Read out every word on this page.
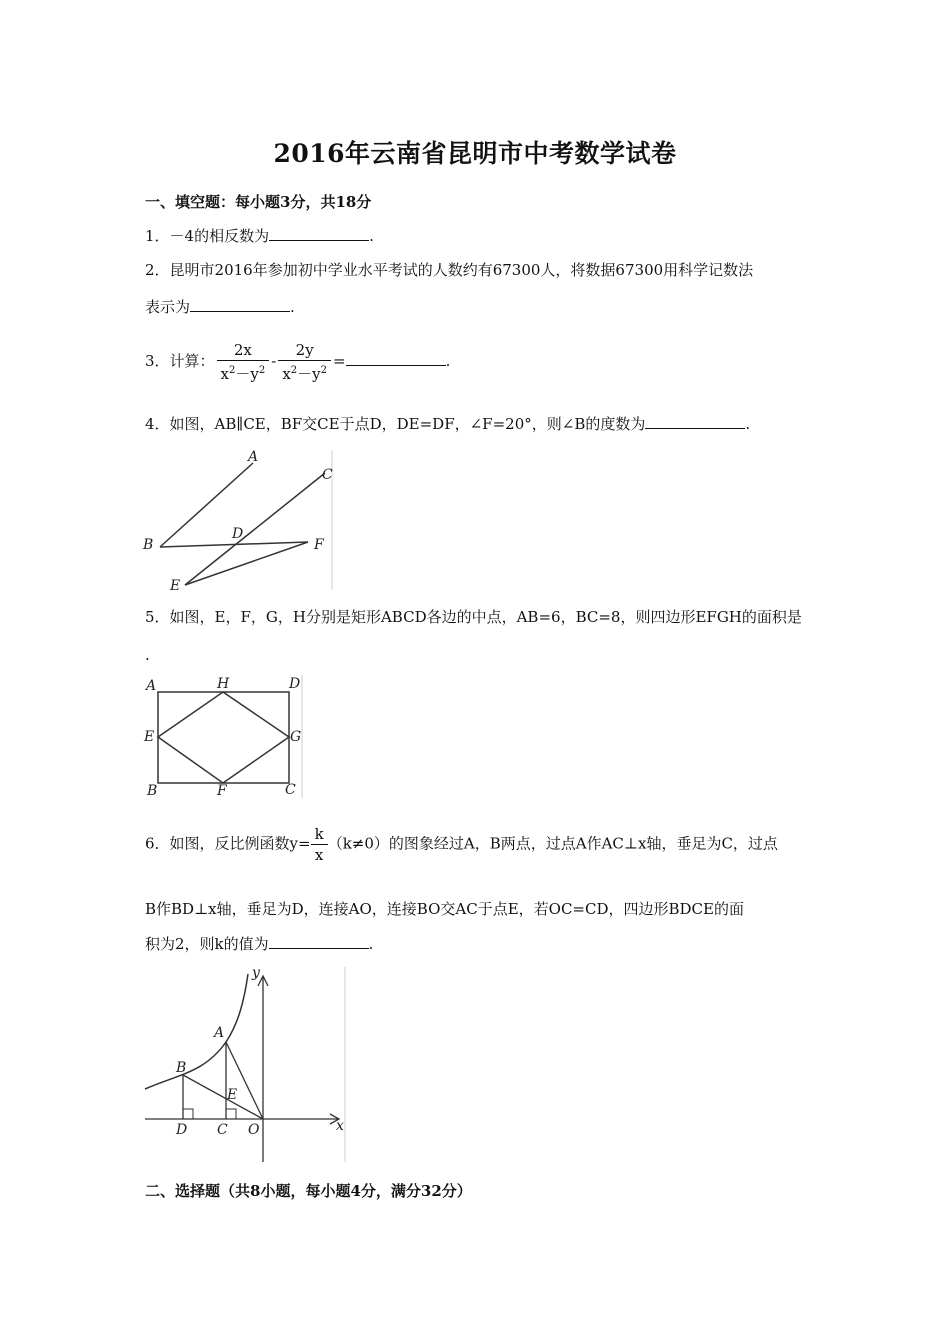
2016年云南省昆明市中考数学试卷
一、填空题：每小题3分，共18分
1．－4的相反数为	.
2．昆明市2016年参加初中学业水平考试的人数约有67300人，将数据67300用科学记数法
表示为	.
3．计算： $\frac{2x}{x^2-y^2} - \frac{2y}{x^2-y^2}$ =	.
4．如图，AB∥CE，BF交CE于点D，DE=DF，∠F=20°，则∠B的度数为	.
A
B
C
D
E
F
5．如图，E，F，G，H分别是矩形ABCD各边的中点，AB=6，BC=8，则四边形EFGH的面积是
.
A	H	D
E	G
B	F	C
6．如图，反比例函数$y= \frac{k}{x} (k\ne 0)$的图象经过A，B两点，过点A作AC⊥x轴，垂足为C，过点
B作BD⊥x轴，垂足为D，连接AO，连接BO交AC于点E，若OC=CD，四边形BDCE的面
积为2，则k的值为	.
y
x
A
B
E
D C O
二、选择题（共8小题，每小题4分，满分32分）
